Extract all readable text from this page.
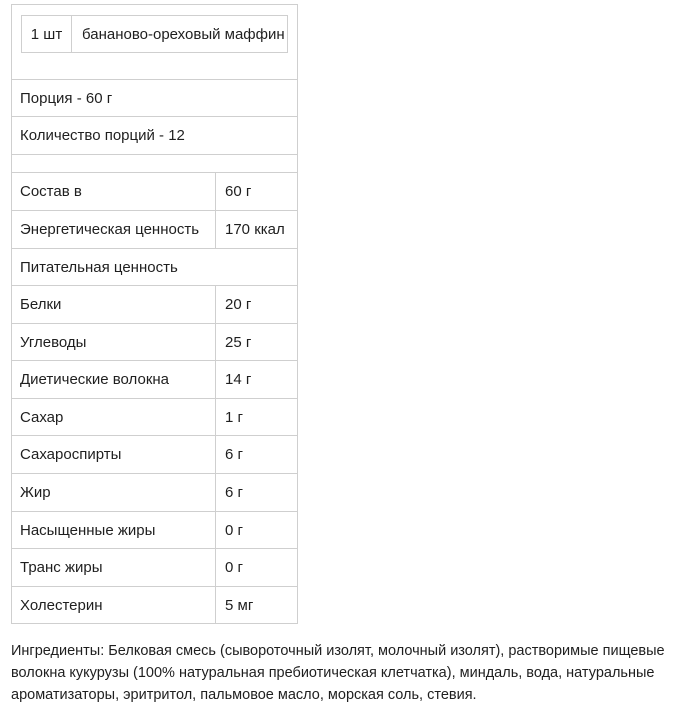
1 шт	бананово-ореховый маффин
Порция - 60 г
Количество порций - 12
Состав в	60 г
Энергетическая ценность	170 ккал
Питательная ценность
Белки	20 г
Углеводы	25 г
Диетические волокна	14 г
Сахар	1 г
Сахароспирты	6 г
Жир	6 г
Насыщенные жиры	0 г
Транс жиры	0 г
Холестерин	5 мг
Ингредиенты: Белковая смесь (сывороточный изолят, молочный изолят), растворимые пищевые волокна кукурузы (100% натуральная пребиотическая клетчатка), миндаль, вода, натуральные ароматизаторы, эритритол, пальмовое масло, морская соль, стевия.
